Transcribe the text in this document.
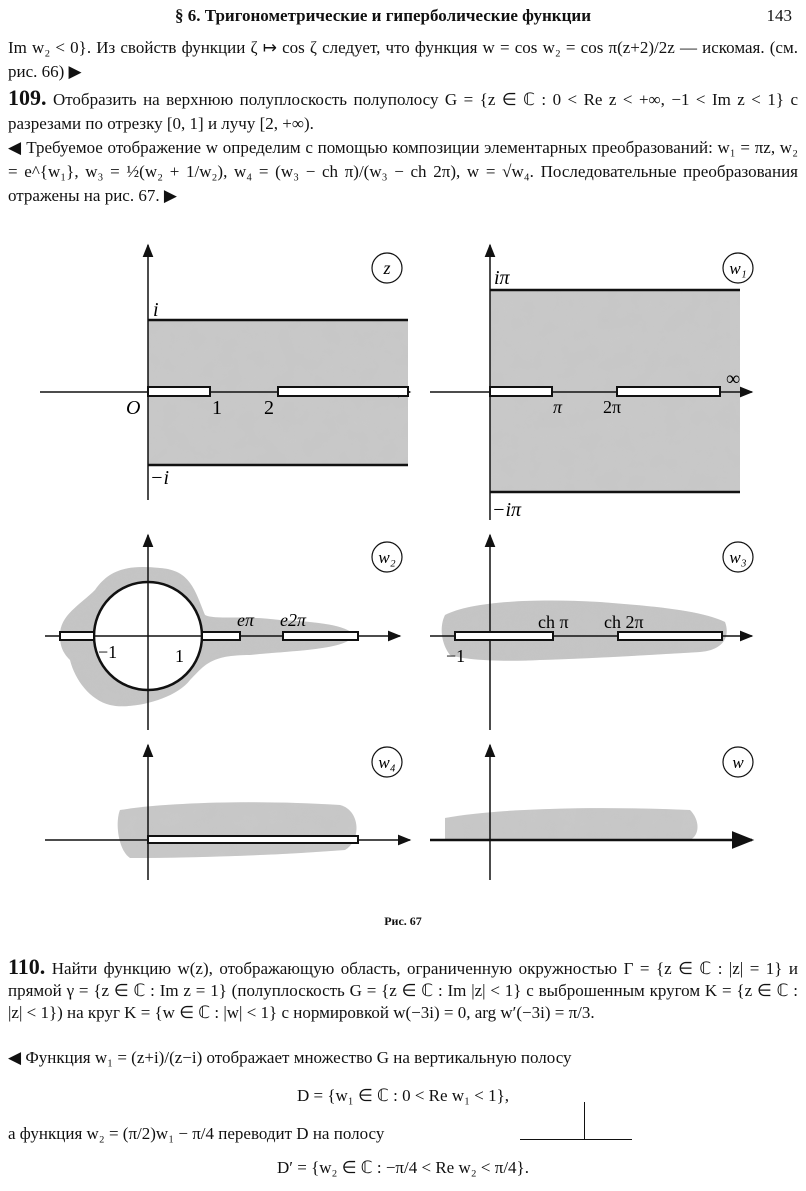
§ 6. Тригонометрические и гиперболические функции	143
Im w₂ < 0}. Из свойств функции ζ ↦ cos ζ следует, что функция w = cos w₂ = cos π(z+2)/2z — искомая. (см. рис. 66) ▶
109. Отобразить на верхнюю полуплоскость полуполосу G = {z ∈ ℂ : 0 < Re z < +∞, −1 < Im z < 1} с разрезами по отрезку [0, 1] и лучу [2, +∞).
◀ Требуемое отображение w определим с помощью композиции элементарных преобразований: w₁ = πz, w₂ = e^{w₁}, w₃ = ½(w₂ + 1/w₂), w₄ = (w₃ − ch π)/(w₃ − ch 2π), w = √w₄. Последовательные преобразования отражены на рис. 67. ▶
z
i
−i
O	1 2
w₁
iπ
−iπ
π 2π
∞
w₂
−1	1
eπ e2π
w₃
ch π ch 2π
−1
w₄	w
Рис. 67
110. Найти функцию w(z), отображающую область, ограниченную окружностью Γ = {z ∈ ℂ : |z| = 1} и прямой γ = {z ∈ ℂ : Im z = 1} (полуплоскость G = {z ∈ ℂ : Im |z| < 1} с выброшенным кругом K = {z ∈ ℂ : |z| < 1}) на круг K = {w ∈ ℂ : |w| < 1} с нормировкой w(−3i) = 0, arg w′(−3i) = π/3.
◀ Функция w₁ = (z+i)/(z−i) отображает множество G на вертикальную полосу
D = {w₁ ∈ ℂ : 0 < Re w₁ < 1},
а функция w₂ = (π/2)w₁ − π/4 переводит D на полосу
D′ = {w₂ ∈ ℂ : −π/4 < Re w₂ < π/4}.
